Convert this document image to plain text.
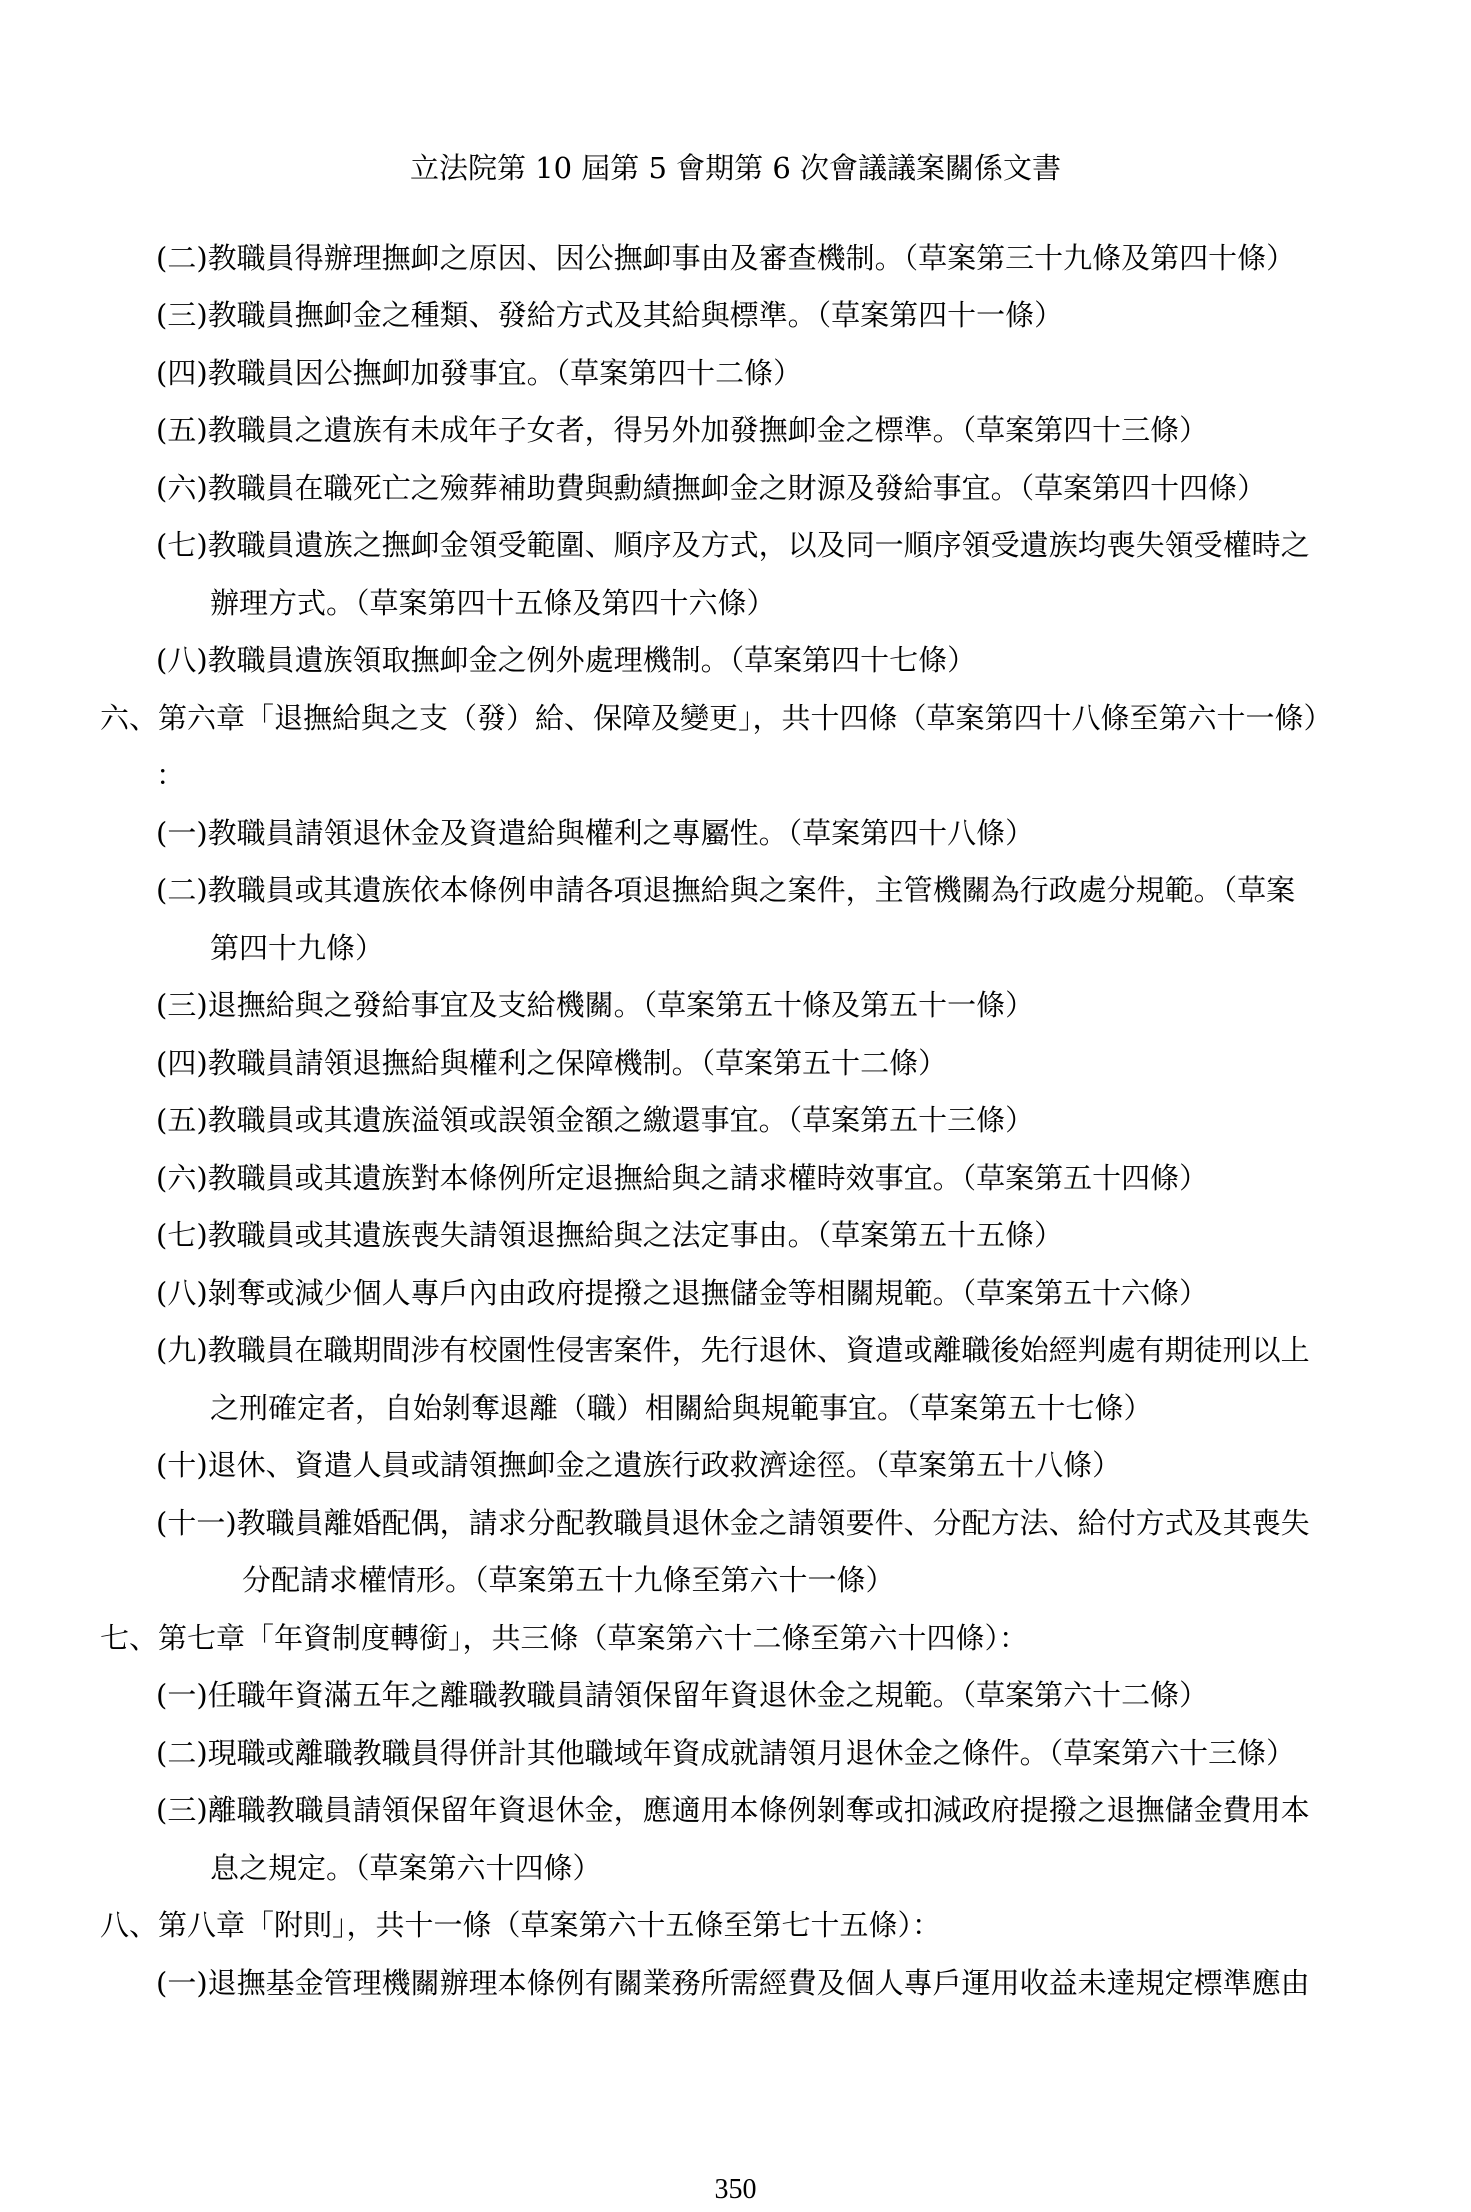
立法院第 10 屆第 5 會期第 6 次會議議案關係文書
(二)教職員得辦理撫卹之原因、因公撫卹事由及審查機制。（草案第三十九條及第四十條）
(三)教職員撫卹金之種類、發給方式及其給與標準。（草案第四十一條）
(四)教職員因公撫卹加發事宜。（草案第四十二條）
(五)教職員之遺族有未成年子女者，得另外加發撫卹金之標準。（草案第四十三條）
(六)教職員在職死亡之殮葬補助費與勳績撫卹金之財源及發給事宜。（草案第四十四條）
(七)教職員遺族之撫卹金領受範圍、順序及方式，以及同一順序領受遺族均喪失領受權時之
辦理方式。（草案第四十五條及第四十六條）
(八)教職員遺族領取撫卹金之例外處理機制。（草案第四十七條）
六、第六章「退撫給與之支（發）給、保障及變更」，共十四條（草案第四十八條至第六十一條）
：
(一)教職員請領退休金及資遣給與權利之專屬性。（草案第四十八條）
(二)教職員或其遺族依本條例申請各項退撫給與之案件，主管機關為行政處分規範。（草案
第四十九條）
(三)退撫給與之發給事宜及支給機關。（草案第五十條及第五十一條）
(四)教職員請領退撫給與權利之保障機制。（草案第五十二條）
(五)教職員或其遺族溢領或誤領金額之繳還事宜。（草案第五十三條）
(六)教職員或其遺族對本條例所定退撫給與之請求權時效事宜。（草案第五十四條）
(七)教職員或其遺族喪失請領退撫給與之法定事由。（草案第五十五條）
(八)剝奪或減少個人專戶內由政府提撥之退撫儲金等相關規範。（草案第五十六條）
(九)教職員在職期間涉有校園性侵害案件，先行退休、資遣或離職後始經判處有期徒刑以上
之刑確定者，自始剝奪退離（職）相關給與規範事宜。（草案第五十七條）
(十)退休、資遣人員或請領撫卹金之遺族行政救濟途徑。（草案第五十八條）
(十一)教職員離婚配偶，請求分配教職員退休金之請領要件、分配方法、給付方式及其喪失
分配請求權情形。（草案第五十九條至第六十一條）
七、第七章「年資制度轉銜」，共三條（草案第六十二條至第六十四條）：
(一)任職年資滿五年之離職教職員請領保留年資退休金之規範。（草案第六十二條）
(二)現職或離職教職員得併計其他職域年資成就請領月退休金之條件。（草案第六十三條）
(三)離職教職員請領保留年資退休金，應適用本條例剝奪或扣減政府提撥之退撫儲金費用本
息之規定。（草案第六十四條）
八、第八章「附則」，共十一條（草案第六十五條至第七十五條）：
(一)退撫基金管理機關辦理本條例有關業務所需經費及個人專戶運用收益未達規定標準應由
350
